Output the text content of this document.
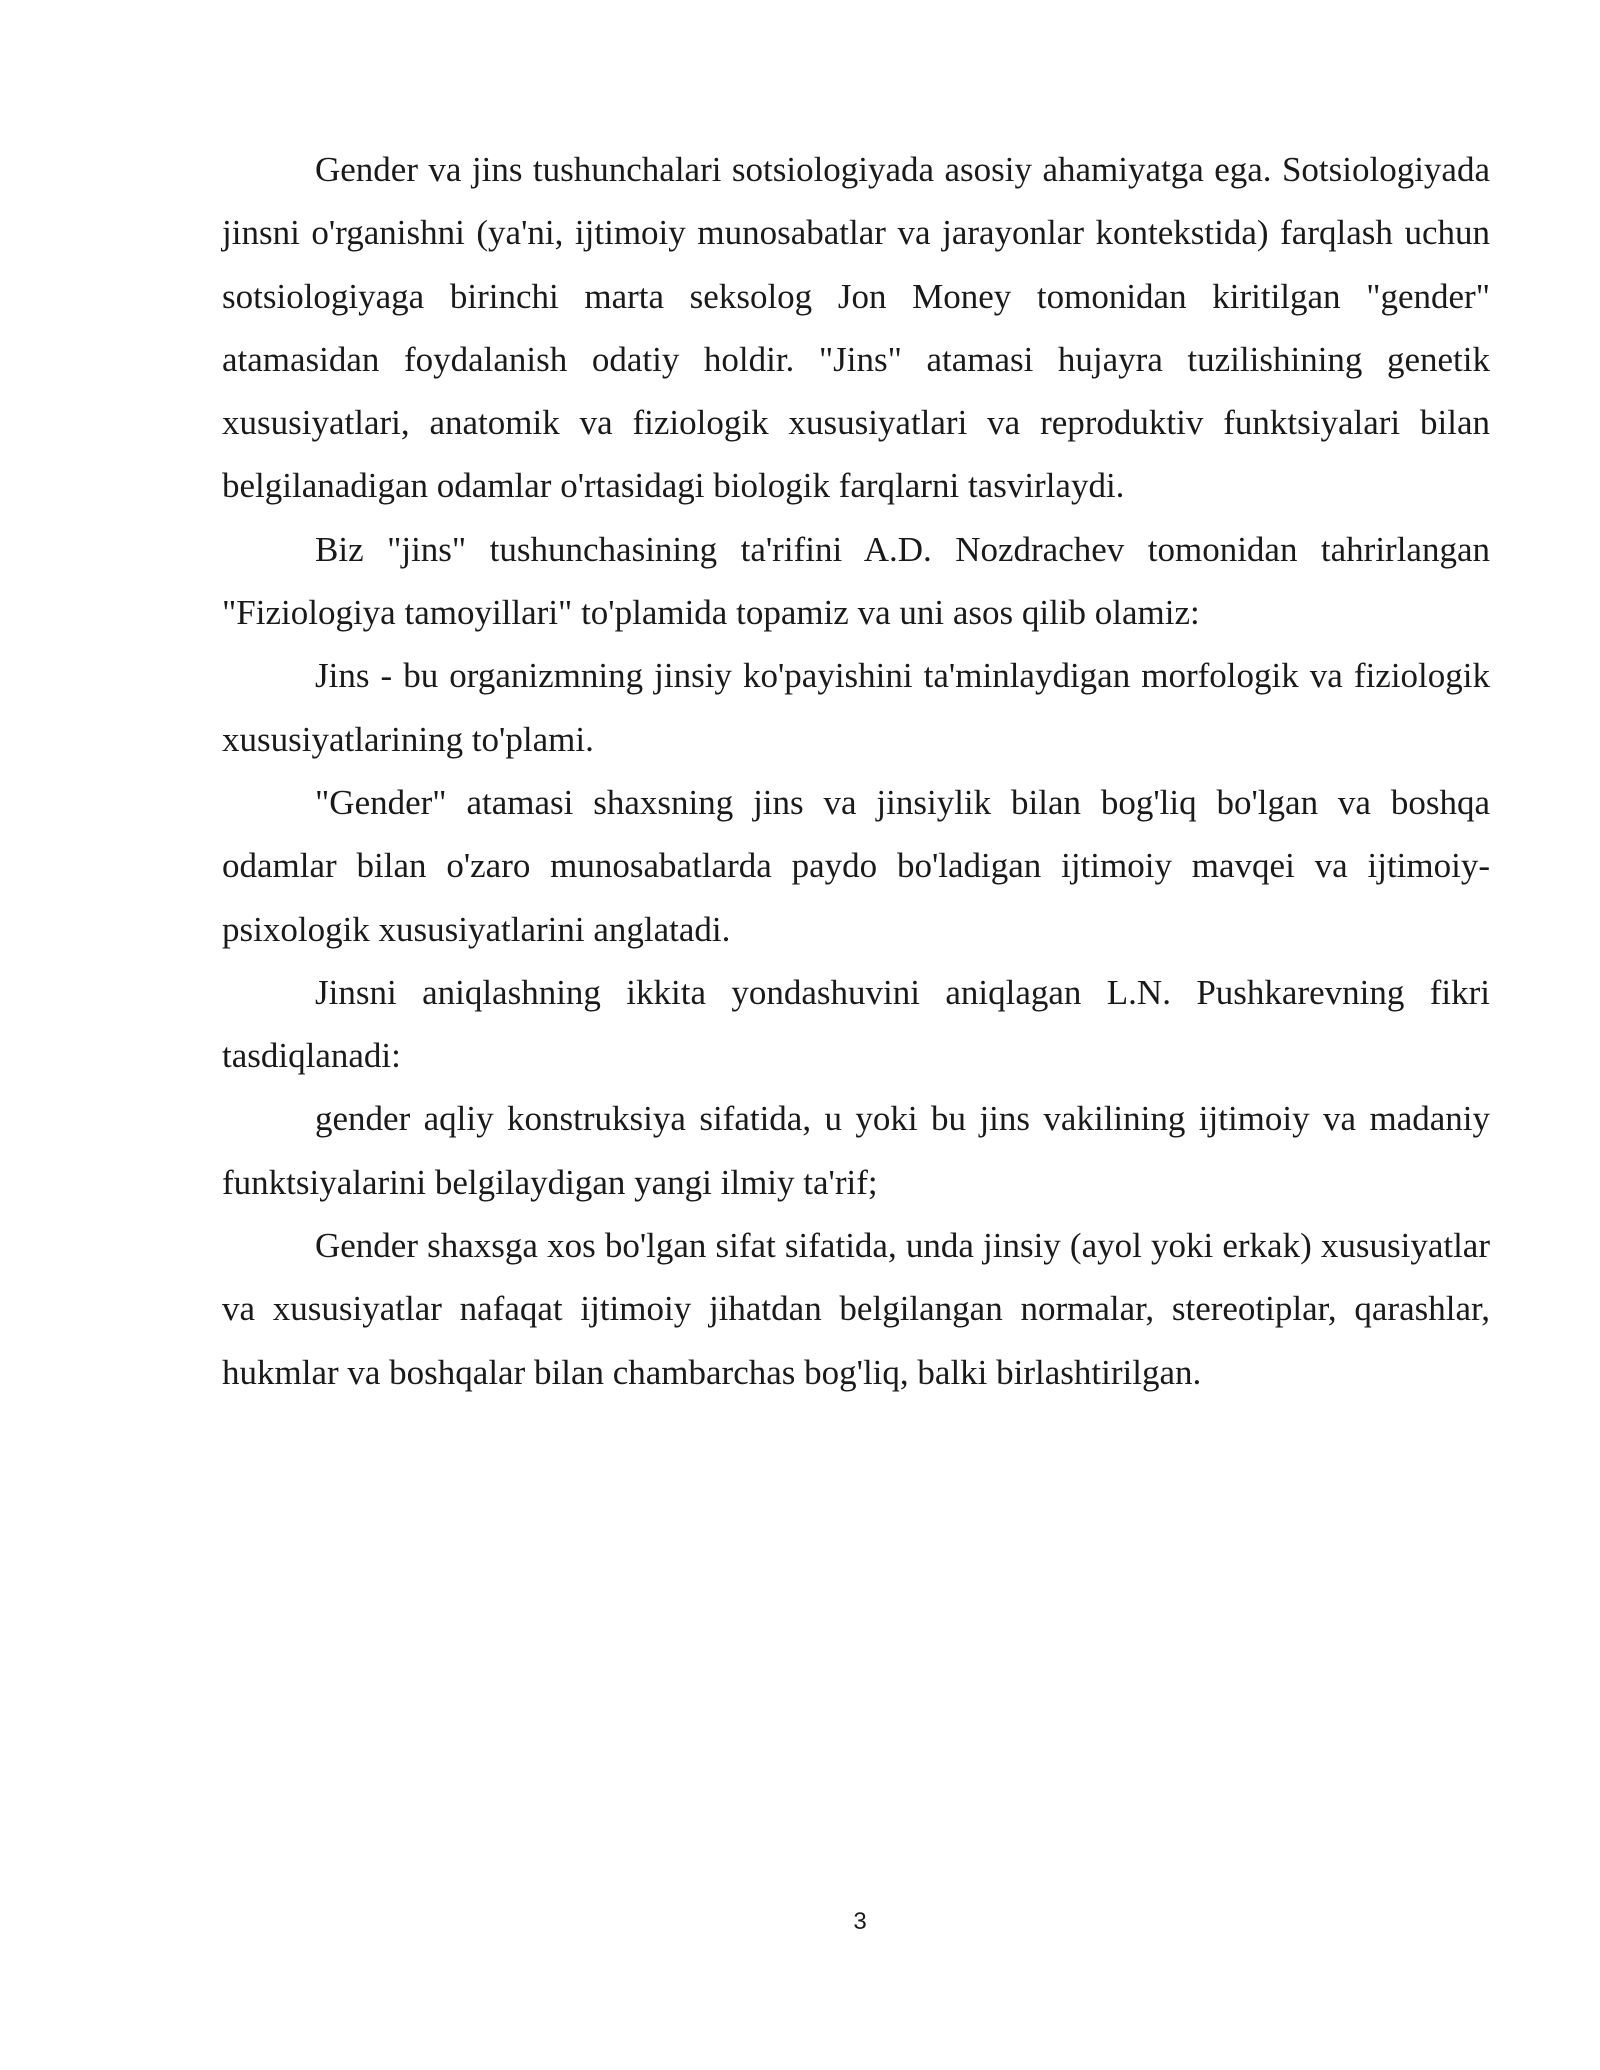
Gender va jins tushunchalari sotsiologiyada asosiy ahamiyatga ega. Sotsiologiyada jinsni o'rganishni (ya'ni, ijtimoiy munosabatlar va jarayonlar kontekstida) farqlash uchun sotsiologiyaga birinchi marta seksolog Jon Money tomonidan kiritilgan "gender" atamasidan foydalanish odatiy holdir. "Jins" atamasi hujayra tuzilishining genetik xususiyatlari, anatomik va fiziologik xususiyatlari va reproduktiv funktsiyalari bilan belgilanadigan odamlar o'rtasidagi biologik farqlarni tasvirlaydi.

Biz "jins" tushunchasining ta'rifini A.D. Nozdrachev tomonidan tahrirlangan "Fiziologiya tamoyillari" to'plamida topamiz va uni asos qilib olamiz:

Jins - bu organizmning jinsiy ko'payishini ta'minlaydigan morfologik va fiziologik xususiyatlarining to'plami.

"Gender" atamasi shaxsning jins va jinsiylik bilan bog'liq bo'lgan va boshqa odamlar bilan o'zaro munosabatlarda paydo bo'ladigan ijtimoiy mavqei va ijtimoiy-psixologik xususiyatlarini anglatadi.

Jinsni aniqlashning ikkita yondashuvini aniqlagan L.N. Pushkarevning fikri tasdiqlanadi:

gender aqliy konstruksiya sifatida, u yoki bu jins vakilining ijtimoiy va madaniy funktsiyalarini belgilaydigan yangi ilmiy ta'rif;

Gender shaxsga xos bo'lgan sifat sifatida, unda jinsiy (ayol yoki erkak) xususiyatlar va xususiyatlar nafaqat ijtimoiy jihatdan belgilangan normalar, stereotiplar, qarashlar, hukmlar va boshqalar bilan chambarchas bog'liq, balki birlashtirilgan.

3
